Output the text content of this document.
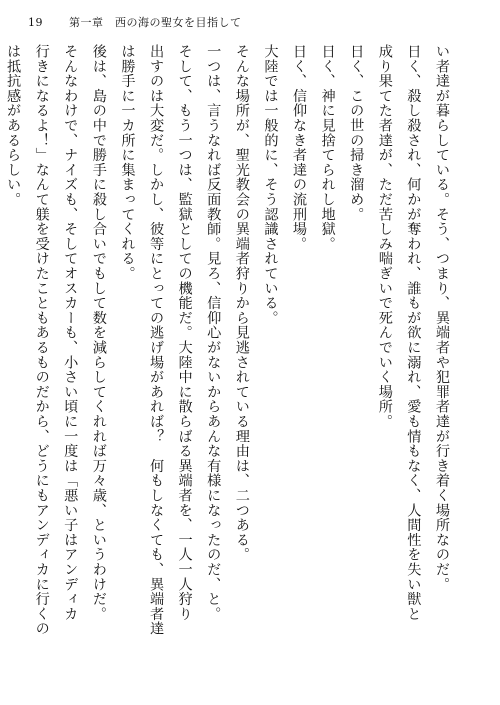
19 第一章　西の海の聖女を目指して
い者達が暮らしている。そう、つまり、異端者や犯罪者達が行き着く場所なのだ。
日く、殺し殺され、何かが奪われ、誰もが欲に溺れ、愛も情もなく、人間性を失い獣と
成り果てた者達が、ただ苦しみ喘ぎいで死んでいく場所。
日く、この世の掃き溜め。
日く、神に見捨てられし地獄。
日く、信仰なき者達の流刑場。
大陸では一般的に、そう認識されている。
そんな場所が、聖光教会の異端者狩りから見逃されている理由は、二つある。
一つは、言うなれば反面教師。見ろ、信仰心がないからあんな有様になったのだ、と。
そして、もう一つは、監獄としての機能だ。大陸中に散らばる異端者を、一人一人狩り
出すのは大変だ。しかし、彼等にとっての逃げ場があれば？　何もしなくても、異端者達
は勝手に一カ所に集まってくれる。
後は、島の中で勝手に殺し合いでもして数を減らしてくれれば万々歳、というわけだ。
そんなわけで、ナイズも、そしてオスカーも、小さい頃に一度は「悪い子はアンディカ
行きになるよ！」なんて躾を受けたこともあるものだから、どうにもアンディカに行くの
は抵抗感があるらしい。
